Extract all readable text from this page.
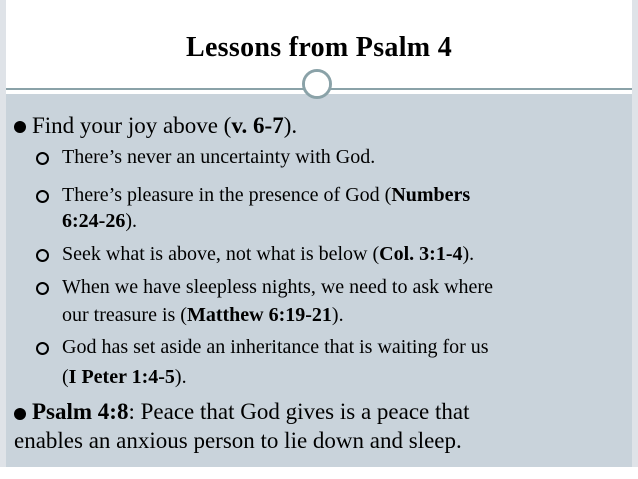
Lessons from Psalm 4
Find your joy above (v. 6-7).
There’s never an uncertainty with God.
There’s pleasure in the presence of God (Numbers
6:24-26).
Seek what is above, not what is below (Col. 3:1-4).
When we have sleepless nights, we need to ask where
our treasure is (Matthew 6:19-21).
God has set aside an inheritance that is waiting for us
(I Peter 1:4-5).
Psalm 4:8: Peace that God gives is a peace that
enables an anxious person to lie down and sleep.
